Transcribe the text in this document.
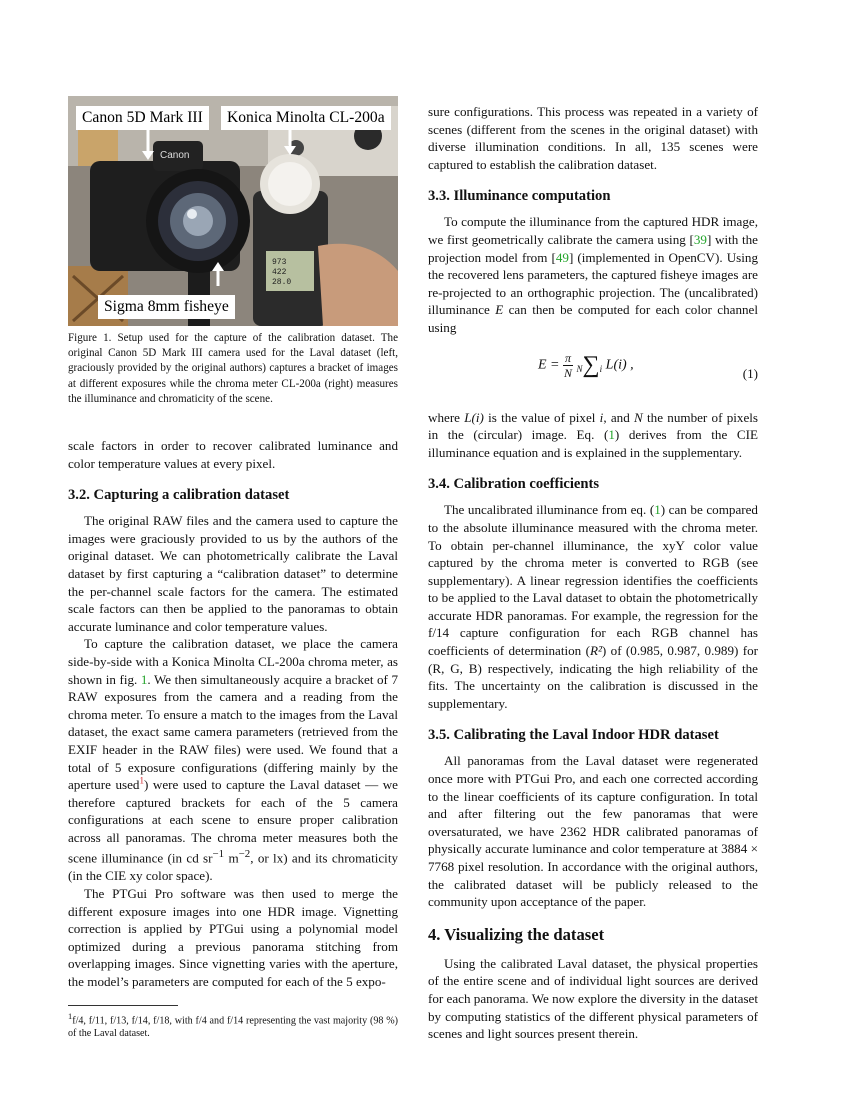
Canon
973
422
28.0
Canon 5D Mark III	Konica Minolta CL-200a
Sigma 8mm fisheye

Figure 1. Setup used for the capture of the calibration dataset. The original Canon 5D Mark III camera used for the Laval dataset (left, graciously provided by the original authors) captures a bracket of images at different exposures while the chroma meter CL-200a (right) measures the illuminance and chromaticity of the scene.

scale factors in order to recover calibrated luminance and color temperature values at every pixel.

3.2. Capturing a calibration dataset

The original RAW files and the camera used to capture the images were graciously provided to us by the authors of the original dataset. We can photometrically calibrate the Laval dataset by first capturing a “calibration dataset” to determine the per-channel scale factors for the camera. The estimated scale factors can then be applied to the panoramas to obtain accurate luminance and color temperature values.

To capture the calibration dataset, we place the camera side-by-side with a Konica Minolta CL-200a chroma meter, as shown in fig. 1. We then simultaneously acquire a bracket of 7 RAW exposures from the camera and a reading from the chroma meter. To ensure a match to the images from the Laval dataset, the exact same camera parameters (retrieved from the EXIF header in the RAW files) were used. We found that a total of 5 exposure configurations (differing mainly by the aperture used$^1$) were used to capture the Laval dataset — we therefore captured brackets for each of the 5 camera configurations at each scene to ensure proper calibration across all panoramas. The chroma meter measures both the scene illuminance (in cd $sr^{-1}$ $m^{-2}$, or lx) and its chromaticity (in the CIE xy color space).

The PTGui Pro software was then used to merge the different exposure images into one HDR image. Vignetting correction is applied by PTGui using a polynomial model optimized during a previous panorama stitching from overlapping images. Since vignetting varies with the aperture, the model’s parameters are computed for each of the 5 expo-

$^1$f/4, f/11, f/13, f/14, f/18, with f/4 and f/14 representing the vast majority (98 %) of the Laval dataset.

sure configurations. This process was repeated in a variety of scenes (different from the scenes in the original dataset) with diverse illumination conditions. In all, 135 scenes were captured to establish the calibration dataset.

3.3. Illuminance computation

To compute the illuminance from the captured HDR image, we first geometrically calibrate the camera using [39] with the projection model from [49] (implemented in OpenCV). Using the recovered lens parameters, the captured fisheye images are re-projected to an orthographic projection. The (uncalibrated) illuminance E can then be computed for each color channel using

$E = \frac{\pi}{N} N\sum i$ L(i) ,
(1)

where L(i) is the value of pixel i, and N the number of pixels in the (circular) image. Eq. (1) derives from the CIE illuminance equation and is explained in the supplementary.

3.4. Calibration coefficients

The uncalibrated illuminance from eq. (1) can be compared to the absolute illuminance measured with the chroma meter. To obtain per-channel illuminance, the xyY color value captured by the chroma meter is converted to RGB (see supplementary). A linear regression identifies the coefficients to be applied to the Laval dataset to obtain the photometrically accurate HDR panoramas. For example, the regression for the f/14 capture configuration for each RGB channel has coefficients of determination (R²) of (0.985, 0.987, 0.989) for (R, G, B) respectively, indicating the high reliability of the fits. The uncertainty on the calibration is discussed in the supplementary.

3.5. Calibrating the Laval Indoor HDR dataset

All panoramas from the Laval dataset were regenerated once more with PTGui Pro, and each one corrected according to the linear coefficients of its capture configuration. In total and after filtering out the few panoramas that were oversaturated, we have 2362 HDR calibrated panoramas of physically accurate luminance and color temperature at 3884 × 7768 pixel resolution. In accordance with the original authors, the calibrated dataset will be publicly released to the community upon acceptance of the paper.

4. Visualizing the dataset

Using the calibrated Laval dataset, the physical properties of the entire scene and of individual light sources are derived for each panorama. We now explore the diversity in the dataset by computing statistics of the different physical parameters of scenes and light sources present therein.
